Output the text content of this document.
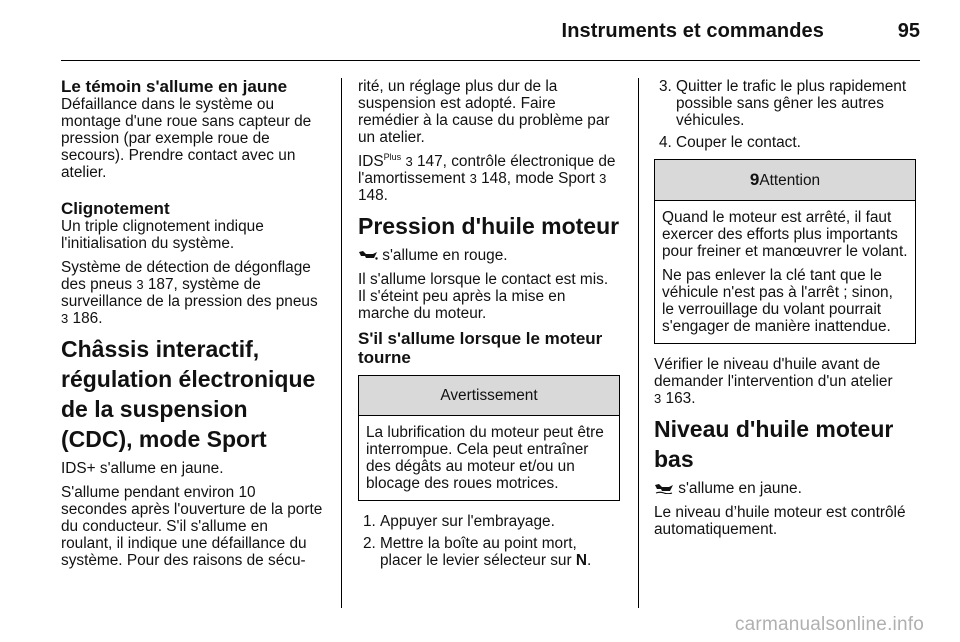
Instruments et commandes	95
Le témoin s'allume en jaune

Défaillance dans le système ou montage d'une roue sans capteur de pression (par exemple roue de secours). Prendre contact avec un atelier.

Clignotement

Un triple clignotement indique l'initialisation du système.

Système de détection de dégonflage des pneus 3 187, système de surveillance de la pression des pneus
3 186.

Châssis interactif, régulation électronique de la suspension (CDC), mode Sport

IDS+ s'allume en jaune.

S'allume pendant environ 10 secondes après l'ouverture de la porte du conducteur. S'il s'allume en roulant, il indique une défaillance du système. Pour des raisons de sécu-

rité, un réglage plus dur de la suspension est adopté. Faire remédier à la cause du problème par un atelier.

$IDS^{Plus}$ 3 147, contrôle électronique de l'amortissement 3 148, mode Sport 3 148.

Pression d'huile moteur

s'allume en rouge.

Il s'allume lorsque le contact est mis. Il s'éteint peu après la mise en marche du moteur.

S'il s'allume lorsque le moteur tourne
Avertissement

La lubrification du moteur peut être interrompue. Cela peut entraîner des dégâts au moteur et/ou un blocage des roues motrices.

1. Appuyer sur l'embrayage.
2. Mettre la boîte au point mort, placer le levier sélecteur sur N.
3. Quitter le trafic le plus rapidement possible sans gêner les autres véhicules.
4. Couper le contact.
9Attention

Quand le moteur est arrêté, il faut exercer des efforts plus importants pour freiner et manœuvrer le volant.

Ne pas enlever la clé tant que le véhicule n'est pas à l'arrêt ; sinon, le verrouillage du volant pourrait s'engager de manière inattendue.

Vérifier le niveau d'huile avant de demander l'intervention d'un atelier
3 163.

Niveau d'huile moteur bas

s'allume en jaune.

Le niveau d’huile moteur est contrôlé automatiquement.

carmanualsonline.info
